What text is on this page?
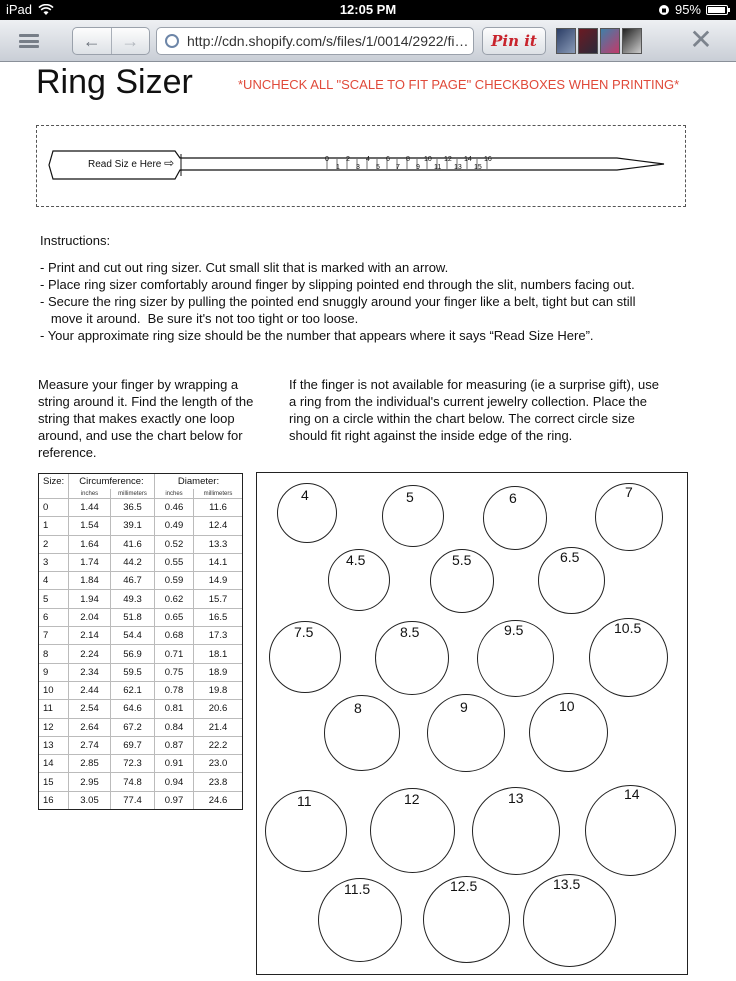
iPad	12:05 PM	95%
←	→	http://cdn.shopify.com/s/files/1/0014/2922/fi…	Pin it	✕
Ring Sizer	*UNCHECK ALL "SCALE TO FIT PAGE" CHECKBOXES WHEN PRINTING*
Read Siz e Here ⇨	0 2 4 6 8 10 12 14 16
1 3 5 7 9 11 13 15
Instructions:
- Print and cut out ring sizer. Cut small slit that is marked with an arrow.
- Place ring sizer comfortably around finger by slipping pointed end through the slit, numbers facing out.
- Secure the ring sizer by pulling the pointed end snuggly around your finger like a belt, tight but can still
move it around.  Be sure it's not too tight or too loose.
- Your approximate ring size should be the number that appears where it says “Read Size Here”.
Measure your finger by wrapping a string around it. Find the length of the string that makes exactly one loop around, and use the chart below for reference.
If the finger is not available for measuring (ie a surprise gift), use a ring from the individual's current jewelry collection. Place the ring on a circle within the chart below. The correct circle size should fit right against the inside edge of the ring.
Size:	Circumference:	Diameter:
inches	millimeters	inches	millimeters
0	1.44	36.5	0.46	11.6
1	1.54	39.1	0.49	12.4
2	1.64	41.6	0.52	13.3
3	1.74	44.2	0.55	14.1
4	1.84	46.7	0.59	14.9
5	1.94	49.3	0.62	15.7
6	2.04	51.8	0.65	16.5
7	2.14	54.4	0.68	17.3
8	2.24	56.9	0.71	18.1
9	2.34	59.5	0.75	18.9
10	2.44	62.1	0.78	19.8
11	2.54	64.6	0.81	20.6
12	2.64	67.2	0.84	21.4
13	2.74	69.7	0.87	22.2
14	2.85	72.3	0.91	23.0
15	2.95	74.8	0.94	23.8
16	3.05	77.4	0.97	24.6
4	5	6	7
4.5	5.5	6.5
7.5	8.5	9.5	10.5
8	9	10
11	12	13	14
11.5	12.5	13.5
